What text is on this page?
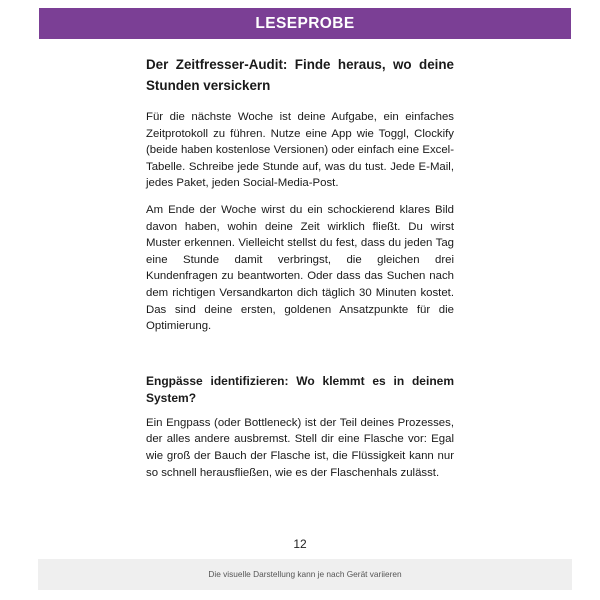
LESEPROBE
Der Zeitfresser-Audit: Finde heraus, wo deine Stunden versickern

Für die nächste Woche ist deine Aufgabe, ein einfaches Zeitprotokoll zu führen. Nutze eine App wie Toggl, Clockify (beide haben kostenlose Versionen) oder einfach eine Excel-Tabelle. Schreibe jede Stunde auf, was du tust. Jede E-Mail, jedes Paket, jeden Social-Media-Post.

Am Ende der Woche wirst du ein schockierend klares Bild davon haben, wohin deine Zeit wirklich fließt. Du wirst Muster erkennen. Vielleicht stellst du fest, dass du jeden Tag eine Stunde damit verbringst, die gleichen drei Kundenfragen zu beantworten. Oder dass das Suchen nach dem richtigen Versandkarton dich täglich 30 Minuten kostet. Das sind deine ersten, goldenen Ansatzpunkte für die Optimierung.

Engpässe identifizieren: Wo klemmt es in deinem System?

Ein Engpass (oder Bottleneck) ist der Teil deines Prozesses, der alles andere ausbremst. Stell dir eine Flasche vor: Egal wie groß der Bauch der Flasche ist, die Flüssigkeit kann nur so schnell herausfließen, wie es der Flaschenhals zulässt.

12
Die visuelle Darstellung kann je nach Gerät variieren
